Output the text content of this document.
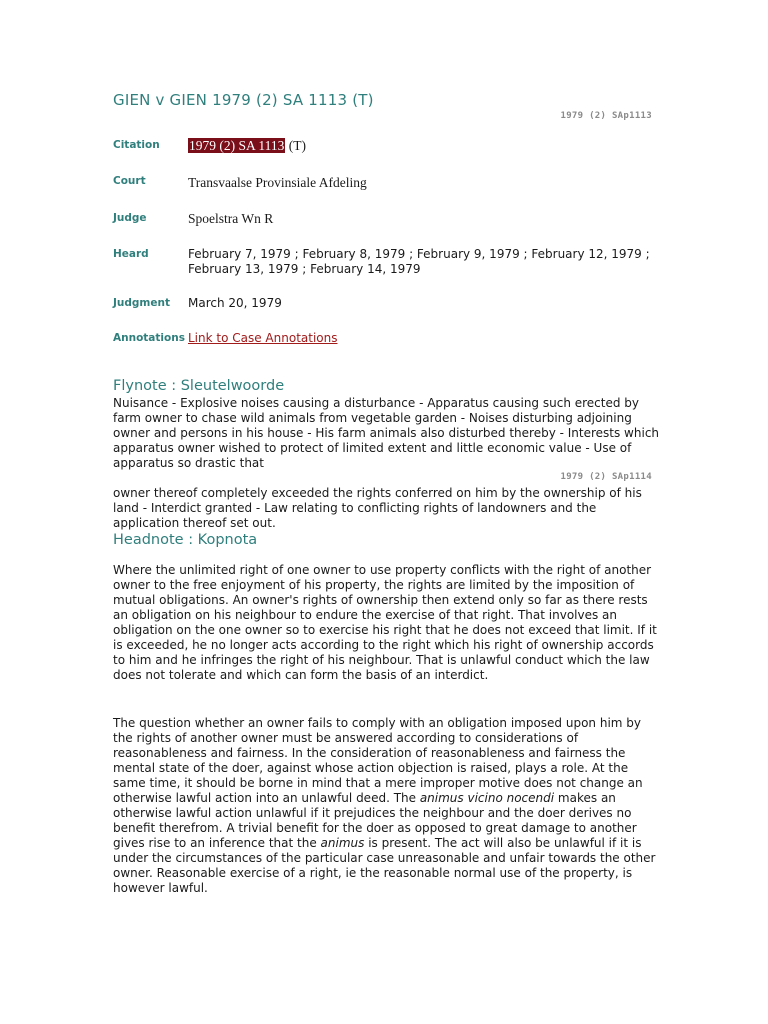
GIEN v GIEN 1979 (2) SA 1113 (T)
1979 (2) SAp1113
Citation 1979 (2) SA 1113 (T)
Court	Transvaalse Provinsiale Afdeling
Judge	Spoelstra Wn R
Heard	February 7, 1979 ; February 8, 1979 ; February 9, 1979 ; February 12, 1979 ; February 13, 1979 ; February 14, 1979
Judgment March 20, 1979
Annotations Link to Case Annotations
Flynote : Sleutelwoorde

Nuisance - Explosive noises causing a disturbance - Apparatus causing such erected by farm owner to chase wild animals from vegetable garden - Noises disturbing adjoining owner and persons in his house - His farm animals also disturbed thereby - Interests which apparatus owner wished to protect of limited extent and little economic value - Use of apparatus so drastic that

1979 (2) SAp1114

owner thereof completely exceeded the rights conferred on him by the ownership of his land - Interdict granted - Law relating to conflicting rights of landowners and the application thereof set out.

Headnote : Kopnota

Where the unlimited right of one owner to use property conflicts with the right of another owner to the free enjoyment of his property, the rights are limited by the imposition of mutual obligations. An owner's rights of ownership then extend only so far as there rests an obligation on his neighbour to endure the exercise of that right. That involves an obligation on the one owner so to exercise his right that he does not exceed that limit. If it is exceeded, he no longer acts according to the right which his right of ownership accords to him and he infringes the right of his neighbour. That is unlawful conduct which the law does not tolerate and which can form the basis of an interdict.

The question whether an owner fails to comply with an obligation imposed upon him by the rights of another owner must be answered according to considerations of reasonableness and fairness. In the consideration of reasonableness and fairness the mental state of the doer, against whose action objection is raised, plays a role. At the same time, it should be borne in mind that a mere improper motive does not change an otherwise lawful action into an unlawful deed. The animus vicino nocendi makes an otherwise lawful action unlawful if it prejudices the neighbour and the doer derives no benefit therefrom. A trivial benefit for the doer as opposed to great damage to another gives rise to an inference that the animus is present. The act will also be unlawful if it is under the circumstances of the particular case unreasonable and unfair towards the other owner. Reasonable exercise of a right, ie the reasonable normal use of the property, is however lawful.
